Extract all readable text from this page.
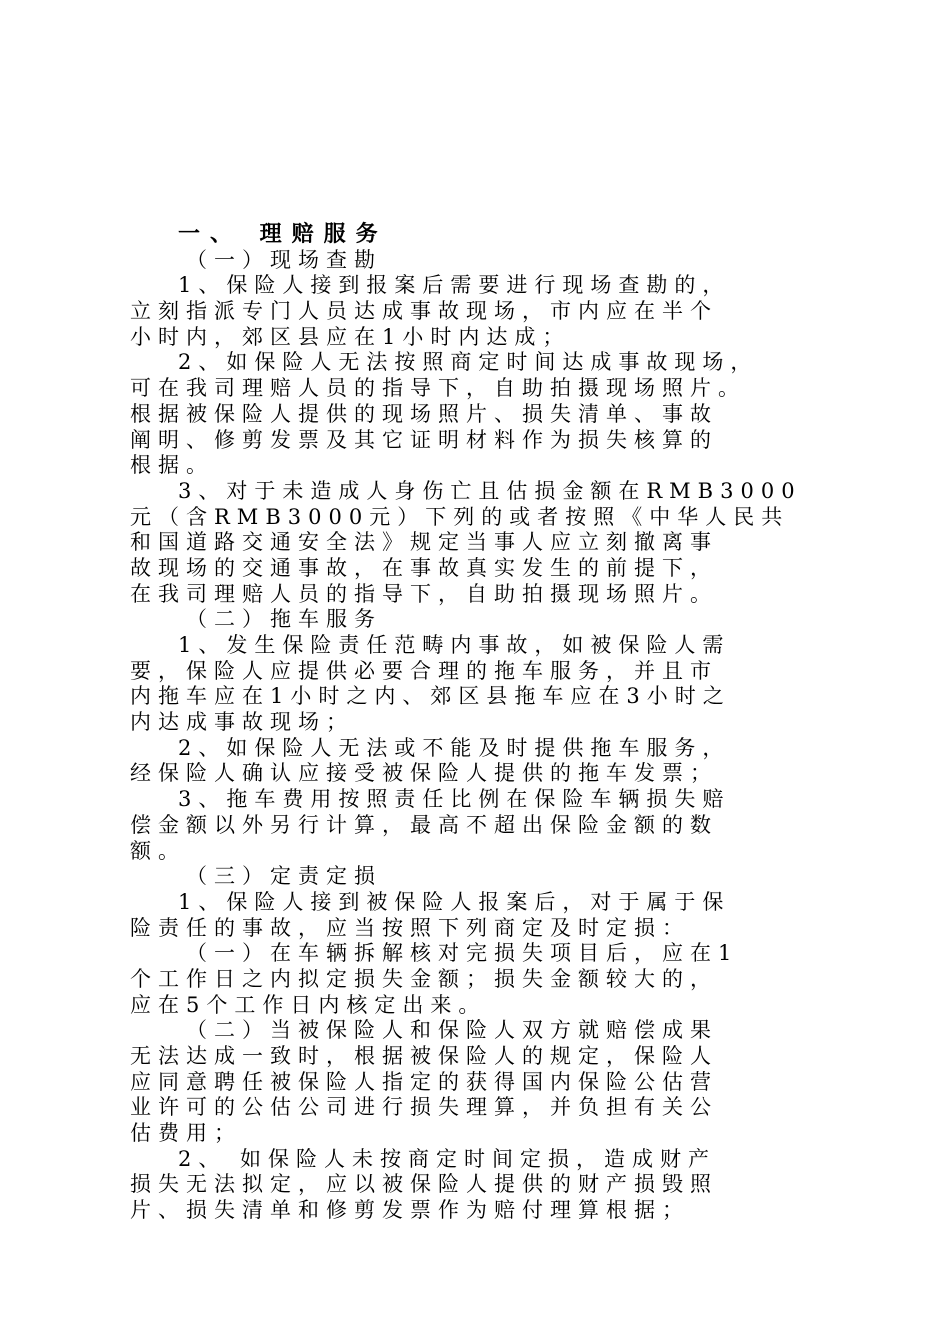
一、 理赔服务

（一）现场查勘

1、保险人接到报案后需要进行现场查勘的，

立刻指派专门人员达成事故现场，市内应在半个

小时内，郊区县应在1小时内达成；

2、如保险人无法按照商定时间达成事故现场，

可在我司理赔人员的指导下，自助拍摄现场照片。

根据被保险人提供的现场照片、损失清单、事故

阐明、修剪发票及其它证明材料作为损失核算的

根据。

3、对于未造成人身伤亡且估损金额在RMB3000

元（含RMB3000元）下列的或者按照《中华人民共

和国道路交通安全法》规定当事人应立刻撤离事

故现场的交通事故，在事故真实发生的前提下，

在我司理赔人员的指导下，自助拍摄现场照片。

（二）拖车服务

1、发生保险责任范畴内事故，如被保险人需

要，保险人应提供必要合理的拖车服务，并且市

内拖车应在1小时之内、郊区县拖车应在3小时之

内达成事故现场；

2、如保险人无法或不能及时提供拖车服务，

经保险人确认应接受被保险人提供的拖车发票；

3、拖车费用按照责任比例在保险车辆损失赔

偿金额以外另行计算，最高不超出保险金额的数

额。

（三）定责定损

1、保险人接到被保险人报案后，对于属于保

险责任的事故，应当按照下列商定及时定损：

（一）在车辆拆解核对完损失项目后，应在1

个工作日之内拟定损失金额；损失金额较大的，

应在5个工作日内核定出来。

（二）当被保险人和保险人双方就赔偿成果

无法达成一致时，根据被保险人的规定，保险人

应同意聘任被保险人指定的获得国内保险公估营

业许可的公估公司进行损失理算，并负担有关公

估费用；

2、 如保险人未按商定时间定损，造成财产

损失无法拟定，应以被保险人提供的财产损毁照

片、损失清单和修剪发票作为赔付理算根据；
